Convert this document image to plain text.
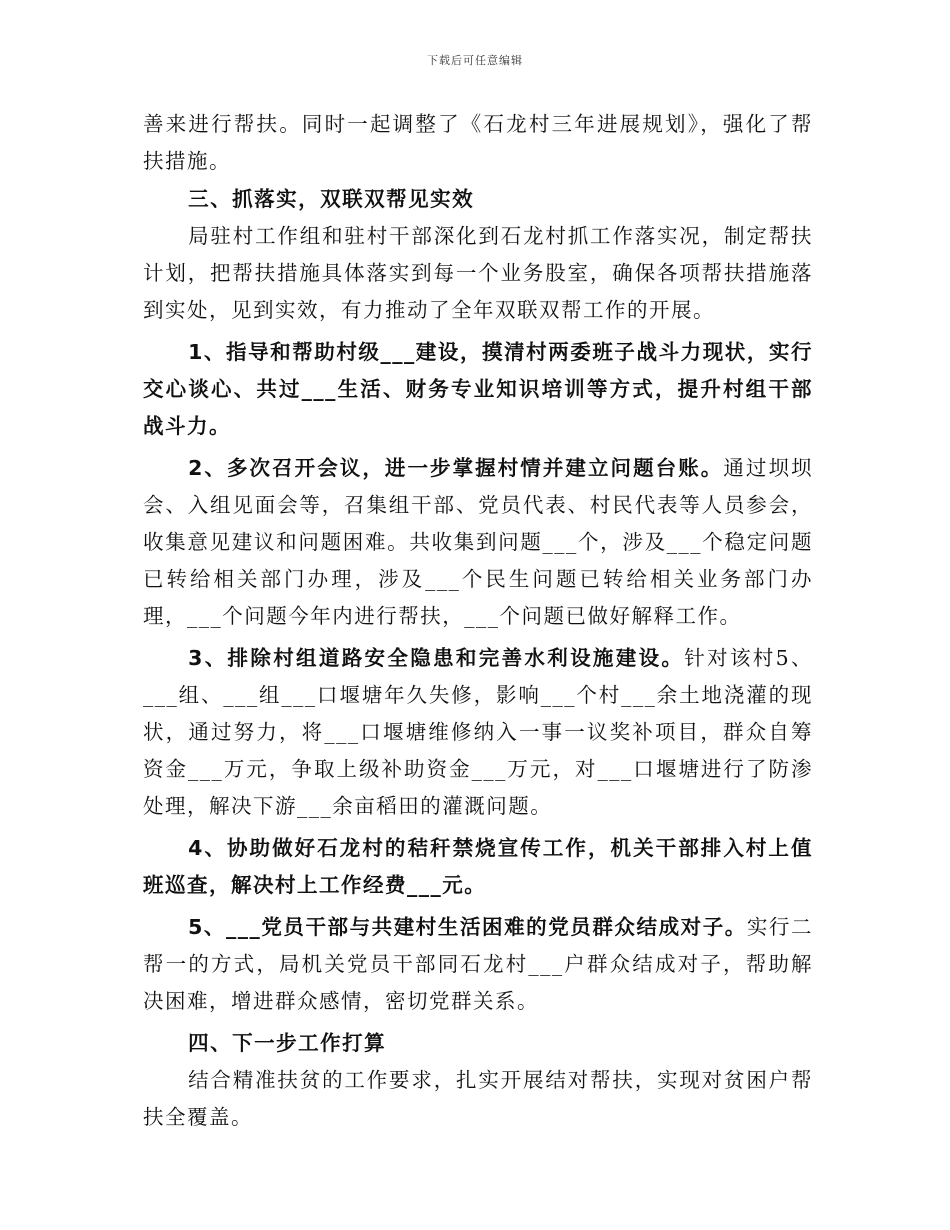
下载后可任意编辑

善来进行帮扶。同时一起调整了《石龙村三年进展规划》，强化了帮扶措施。

三、抓落实，双联双帮见实效

局驻村工作组和驻村干部深化到石龙村抓工作落实况，制定帮扶计划，把帮扶措施具体落实到每一个业务股室，确保各项帮扶措施落到实处，见到实效，有力推动了全年双联双帮工作的开展。

1、指导和帮助村级___建设，摸清村两委班子战斗力现状，实行交心谈心、共过___生活、财务专业知识培训等方式，提升村组干部战斗力。

2、多次召开会议，进一步掌握村情并建立问题台账。通过坝坝会、入组见面会等，召集组干部、党员代表、村民代表等人员参会，收集意见建议和问题困难。共收集到问题___个，涉及___个稳定问题已转给相关部门办理，涉及___个民生问题已转给相关业务部门办理，___个问题今年内进行帮扶，___个问题已做好解释工作。

3、排除村组道路安全隐患和完善水利设施建设。针对该村5、___组、___组___口堰塘年久失修，影响___个村___余土地浇灌的现状，通过努力，将___口堰塘维修纳入一事一议奖补项目，群众自筹资金___万元，争取上级补助资金___万元，对___口堰塘进行了防渗处理，解决下游___余亩稻田的灌溉问题。

4、协助做好石龙村的秸秆禁烧宣传工作，机关干部排入村上值班巡查，解决村上工作经费___元。

5、___党员干部与共建村生活困难的党员群众结成对子。实行二帮一的方式，局机关党员干部同石龙村___户群众结成对子，帮助解决困难，增进群众感情，密切党群关系。

四、下一步工作打算

结合精准扶贫的工作要求，扎实开展结对帮扶，实现对贫困户帮扶全覆盖。
